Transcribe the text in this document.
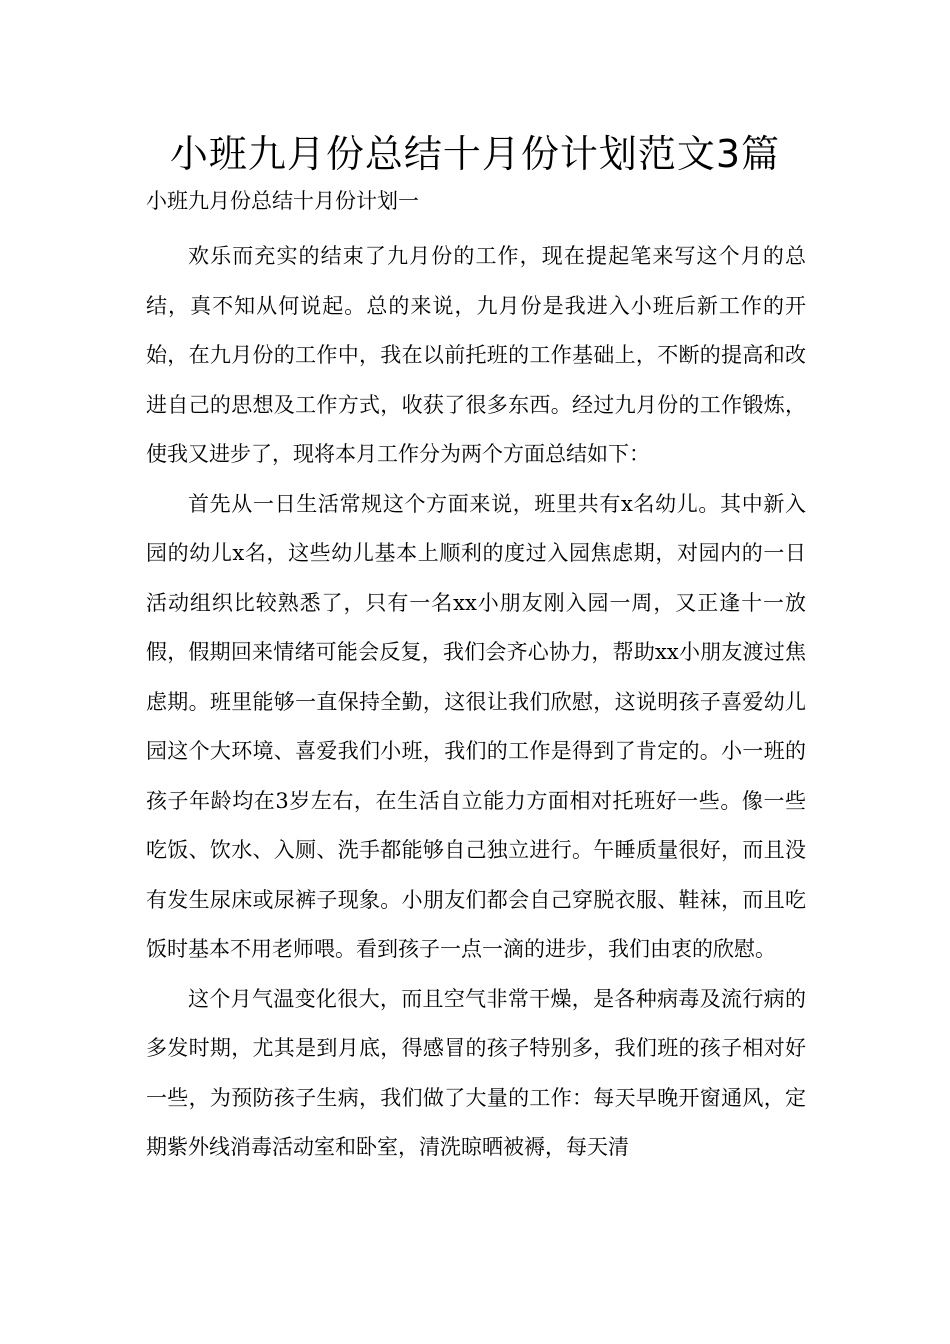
小班九月份总结十月份计划范文3篇

小班九月份总结十月份计划一

欢乐而充实的结束了九月份的工作，现在提起笔来写这个月的总结，真不知从何说起。总的来说，九月份是我进入小班后新工作的开始，在九月份的工作中，我在以前托班的工作基础上，不断的提高和改进自己的思想及工作方式，收获了很多东西。经过九月份的工作锻炼，使我又进步了，现将本月工作分为两个方面总结如下：

首先从一日生活常规这个方面来说，班里共有x名幼儿。其中新入园的幼儿x名，这些幼儿基本上顺利的度过入园焦虑期，对园内的一日活动组织比较熟悉了，只有一名xx小朋友刚入园一周，又正逢十一放假，假期回来情绪可能会反复，我们会齐心协力，帮助xx小朋友渡过焦虑期。班里能够一直保持全勤，这很让我们欣慰，这说明孩子喜爱幼儿园这个大环境、喜爱我们小班，我们的工作是得到了肯定的。小一班的孩子年龄均在3岁左右，在生活自立能力方面相对托班好一些。像一些吃饭、饮水、入厕、洗手都能够自己独立进行。午睡质量很好，而且没有发生尿床或尿裤子现象。小朋友们都会自己穿脱衣服、鞋袜，而且吃饭时基本不用老师喂。看到孩子一点一滴的进步，我们由衷的欣慰。

这个月气温变化很大，而且空气非常干燥，是各种病毒及流行病的多发时期，尤其是到月底，得感冒的孩子特别多，我们班的孩子相对好一些，为预防孩子生病，我们做了大量的工作：每天早晚开窗通风，定期紫外线消毒活动室和卧室，清洗晾晒被褥，每天清
